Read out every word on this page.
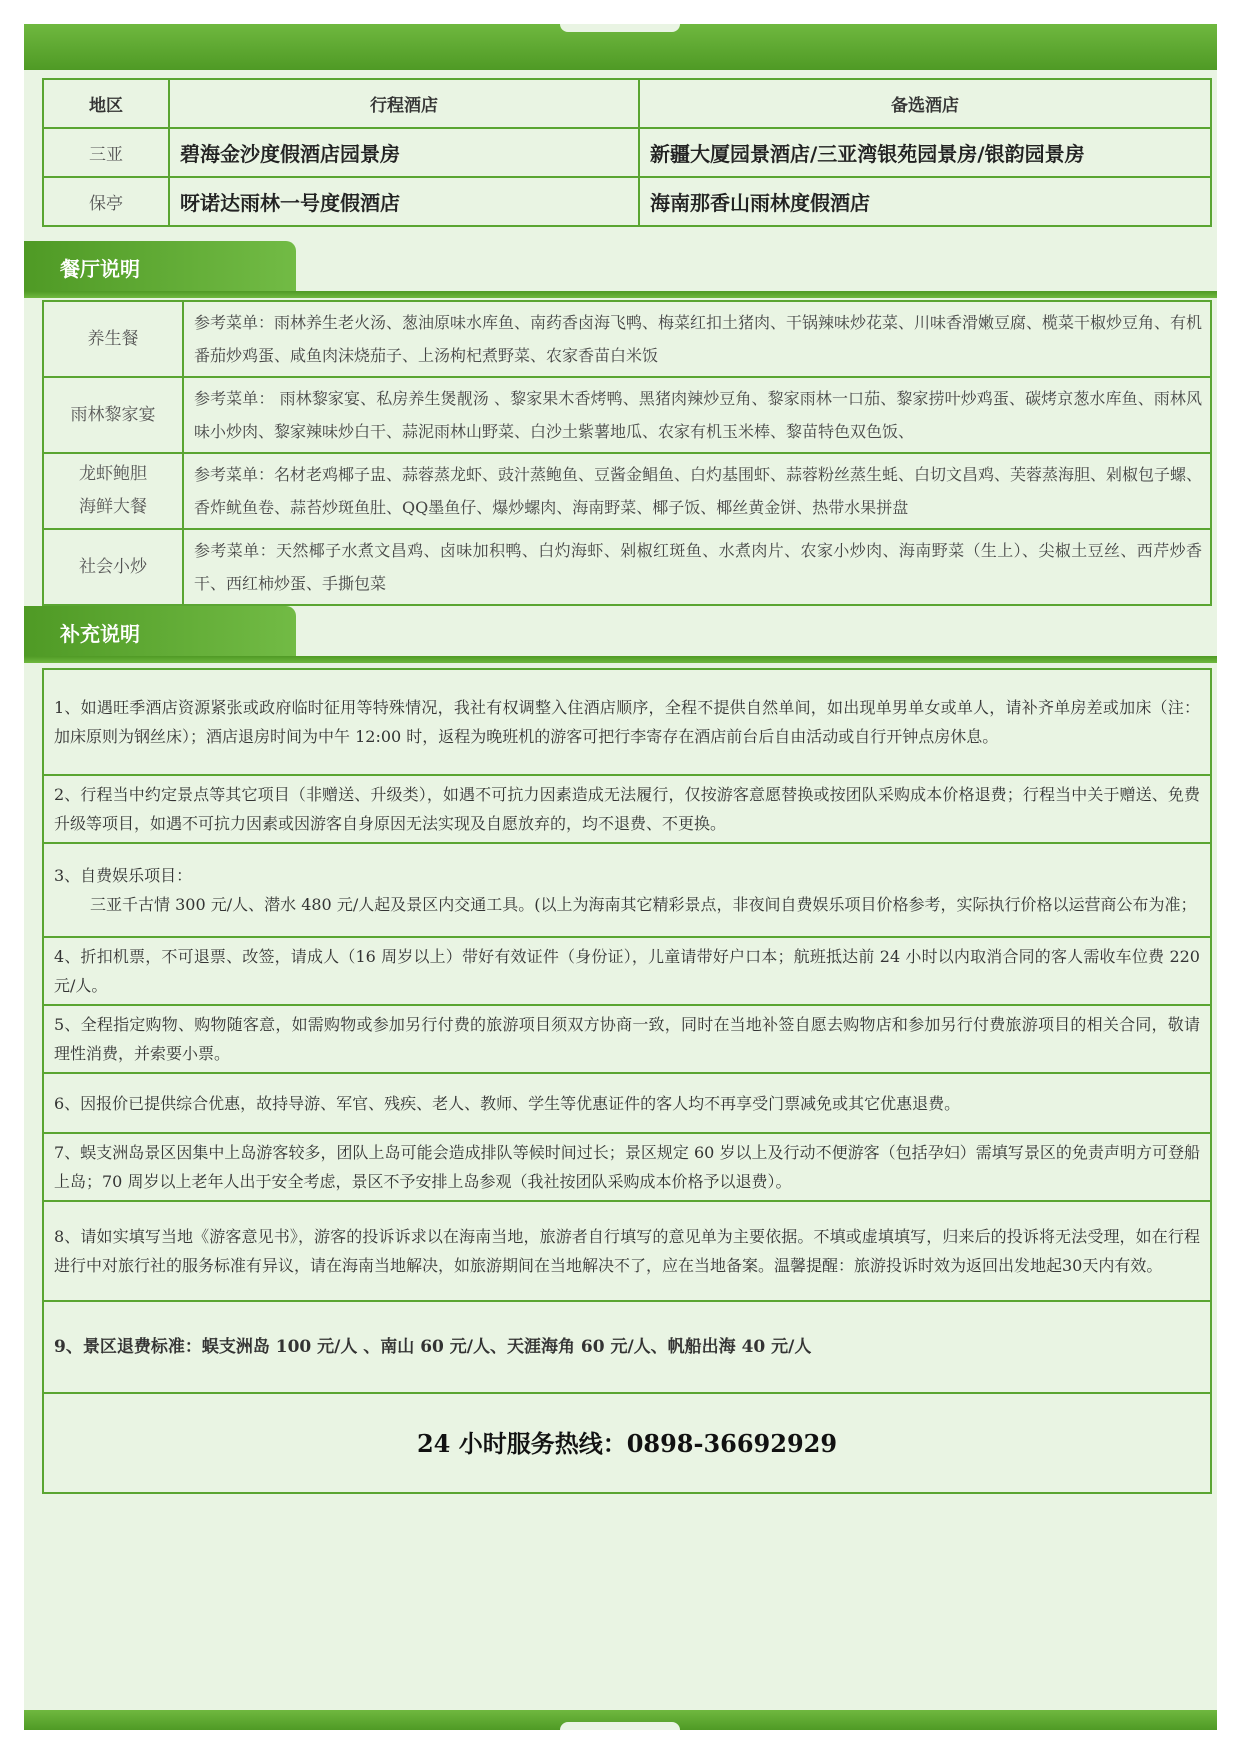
地区	行程酒店	备选酒店
三亚	碧海金沙度假酒店园景房	新疆大厦园景酒店/三亚湾银苑园景房/银韵园景房
保亭	呀诺达雨林一号度假酒店	海南那香山雨林度假酒店
餐厅说明
养生餐	参考菜单：雨林养生老火汤、葱油原味水库鱼、南药香卤海飞鸭、梅菜红扣土猪肉、干锅辣味炒花菜、川味香滑嫩豆腐、榄菜干椒炒豆角、有机番茄炒鸡蛋、咸鱼肉沫烧茄子、上汤枸杞煮野菜、农家香苗白米饭
雨林黎家宴	参考菜单： 雨林黎家宴、私房养生煲靓汤 、黎家果木香烤鸭、黑猪肉辣炒豆角、黎家雨林一口茄、黎家捞叶炒鸡蛋、碳烤京葱水库鱼、雨林风味小炒肉、黎家辣味炒白干、蒜泥雨林山野菜、白沙土紫薯地瓜、农家有机玉米棒、黎苗特色双色饭、

龙虾鲍胆
海鲜大餐	参考菜单：名材老鸡椰子盅、蒜蓉蒸龙虾、豉汁蒸鲍鱼、豆酱金鲳鱼、白灼基围虾、蒜蓉粉丝蒸生蚝、白切文昌鸡、芙蓉蒸海胆、剁椒包子螺、香炸鱿鱼卷、蒜苔炒斑鱼肚、QQ墨鱼仔、爆炒螺肉、海南野菜、椰子饭、椰丝黄金饼、热带水果拼盘
社会小炒	参考菜单：天然椰子水煮文昌鸡、卤味加积鸭、白灼海虾、剁椒红斑鱼、水煮肉片、农家小炒肉、海南野菜（生上）、尖椒土豆丝、西芹炒香干、西红柿炒蛋、手撕包菜
补充说明
1、如遇旺季酒店资源紧张或政府临时征用等特殊情况，我社有权调整入住酒店顺序，全程不提供自然单间，如出现单男单女或单人，请补齐单房差或加床（注：加床原则为钢丝床）；酒店退房时间为中午 12:00 时，返程为晚班机的游客可把行李寄存在酒店前台后自由活动或自行开钟点房休息。
2、行程当中约定景点等其它项目（非赠送、升级类），如遇不可抗力因素造成无法履行，仅按游客意愿替换或按团队采购成本价格退费；行程当中关于赠送、免费升级等项目，如遇不可抗力因素或因游客自身原因无法实现及自愿放弃的，均不退费、不更换。

3、自费娱乐项目：
三亚千古情 300 元/人、潜水 480 元/人起及景区内交通工具。(以上为海南其它精彩景点，非夜间自费娱乐项目价格参考，实际执行价格以运营商公布为准；

4、折扣机票，不可退票、改签，请成人（16 周岁以上）带好有效证件（身份证），儿童请带好户口本；航班抵达前 24 小时以内取消合同的客人需收车位费 220 元/人。
5、全程指定购物、购物随客意，如需购物或参加另行付费的旅游项目须双方协商一致，同时在当地补签自愿去购物店和参加另行付费旅游项目的相关合同，敬请理性消费，并索要小票。
6、因报价已提供综合优惠，故持导游、军官、残疾、老人、教师、学生等优惠证件的客人均不再享受门票减免或其它优惠退费。
7、蜈支洲岛景区因集中上岛游客较多，团队上岛可能会造成排队等候时间过长；景区规定 60 岁以上及行动不便游客（包括孕妇）需填写景区的免责声明方可登船上岛；70 周岁以上老年人出于安全考虑，景区不予安排上岛参观（我社按团队采购成本价格予以退费）。
8、请如实填写当地《游客意见书》，游客的投诉诉求以在海南当地，旅游者自行填写的意见单为主要依据。不填或虚填填写，归来后的投诉将无法受理，如在行程进行中对旅行社的服务标准有异议，请在海南当地解决，如旅游期间在当地解决不了，应在当地备案。温馨提醒：旅游投诉时效为返回出发地起30天内有效。
9、景区退费标准：蜈支洲岛 100 元/人 、南山 60 元/人、天涯海角 60 元/人、帆船出海 40 元/人
24 小时服务热线：0898-36692929
